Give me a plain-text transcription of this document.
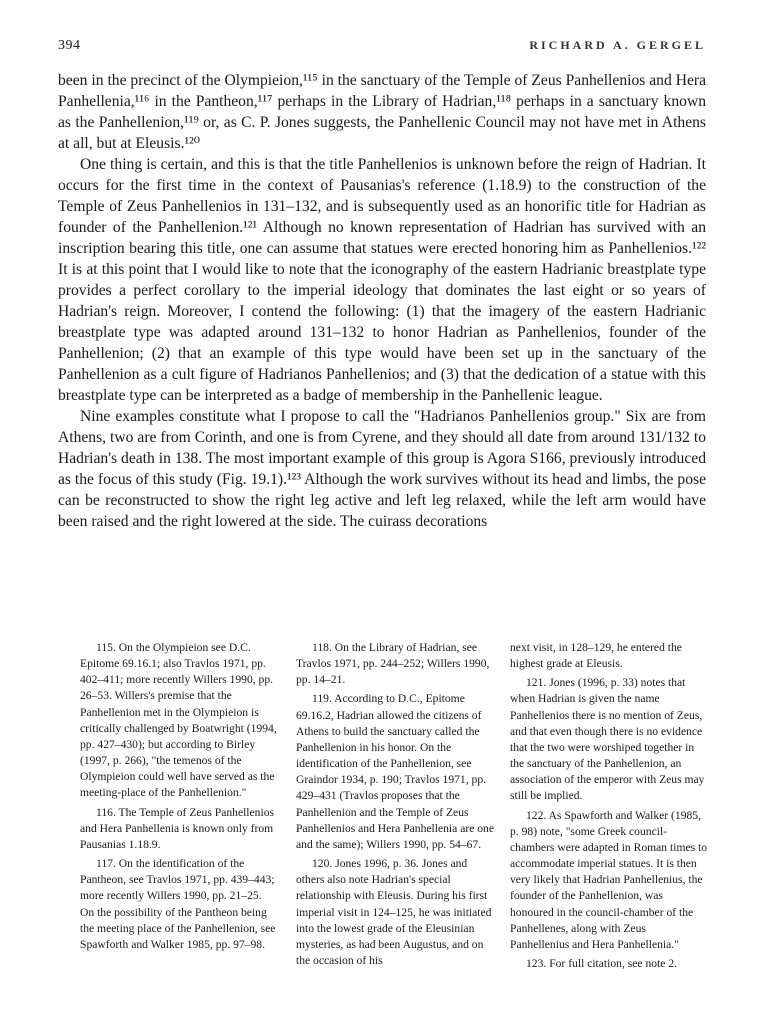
394	RICHARD A. GERGEL

been in the precinct of the Olympieion,¹¹⁵ in the sanctuary of the Temple of Zeus Panhellenios and Hera Panhellenia,¹¹⁶ in the Pantheon,¹¹⁷ perhaps in the Library of Hadrian,¹¹⁸ perhaps in a sanctuary known as the Panhellenion,¹¹⁹ or, as C. P. Jones suggests, the Panhellenic Council may not have met in Athens at all, but at Eleusis.¹²⁰

One thing is certain, and this is that the title Panhellenios is unknown before the reign of Hadrian. It occurs for the first time in the context of Pausanias's reference (1.18.9) to the construction of the Temple of Zeus Panhellenios in 131–132, and is subsequently used as an honorific title for Hadrian as founder of the Panhellenion.¹²¹ Although no known representation of Hadrian has survived with an inscription bearing this title, one can assume that statues were erected honoring him as Panhellenios.¹²² It is at this point that I would like to note that the iconography of the eastern Hadrianic breastplate type provides a perfect corollary to the imperial ideology that dominates the last eight or so years of Hadrian's reign. Moreover, I contend the following: (1) that the imagery of the eastern Hadrianic breastplate type was adapted around 131–132 to honor Hadrian as Panhellenios, founder of the Panhellenion; (2) that an example of this type would have been set up in the sanctuary of the Panhellenion as a cult figure of Hadrianos Panhellenios; and (3) that the dedication of a statue with this breastplate type can be interpreted as a badge of membership in the Panhellenic league.

Nine examples constitute what I propose to call the "Hadrianos Panhellenios group." Six are from Athens, two are from Corinth, and one is from Cyrene, and they should all date from around 131/132 to Hadrian's death in 138. The most important example of this group is Agora S166, previously introduced as the focus of this study (Fig. 19.1).¹²³ Although the work survives without its head and limbs, the pose can be reconstructed to show the right leg active and left leg relaxed, while the left arm would have been raised and the right lowered at the side. The cuirass decorations

115. On the Olympieion see D.C. Epitome 69.16.1; also Travlos 1971, pp. 402–411; more recently Willers 1990, pp. 26–53. Willers's premise that the Panhellenion met in the Olympieion is critically challenged by Boatwright (1994, pp. 427–430); but according to Birley (1997, p. 266), "the temenos of the Olympieion could well have served as the meeting-place of the Panhellenion."

116. The Temple of Zeus Panhellenios and Hera Panhellenia is known only from Pausanias 1.18.9.

117. On the identification of the Pantheon, see Travlos 1971, pp. 439–443; more recently Willers 1990, pp. 21–25. On the possibility of the Pantheon being the meeting place of the Panhellenion, see Spawforth and Walker 1985, pp. 97–98.

118. On the Library of Hadrian, see Travlos 1971, pp. 244–252; Willers 1990, pp. 14–21.

119. According to D.C., Epitome 69.16.2, Hadrian allowed the citizens of Athens to build the sanctuary called the Panhellenion in his honor. On the identification of the Panhellenion, see Graindor 1934, p. 190; Travlos 1971, pp. 429–431 (Travlos proposes that the Panhellenion and the Temple of Zeus Panhellenios and Hera Panhellenia are one and the same); Willers 1990, pp. 54–67.

120. Jones 1996, p. 36. Jones and others also note Hadrian's special relationship with Eleusis. During his first imperial visit in 124–125, he was initiated into the lowest grade of the Eleusinian mysteries, as had been Augustus, and on the occasion of his

next visit, in 128–129, he entered the highest grade at Eleusis.

121. Jones (1996, p. 33) notes that when Hadrian is given the name Panhellenios there is no mention of Zeus, and that even though there is no evidence that the two were worshiped together in the sanctuary of the Panhellenion, an association of the emperor with Zeus may still be implied.

122. As Spawforth and Walker (1985, p. 98) note, "some Greek council-chambers were adapted in Roman times to accommodate imperial statues. It is then very likely that Hadrian Panhellenius, the founder of the Panhellenion, was honoured in the council-chamber of the Panhellenes, along with Zeus Panhellenius and Hera Panhellenia."

123. For full citation, see note 2.
